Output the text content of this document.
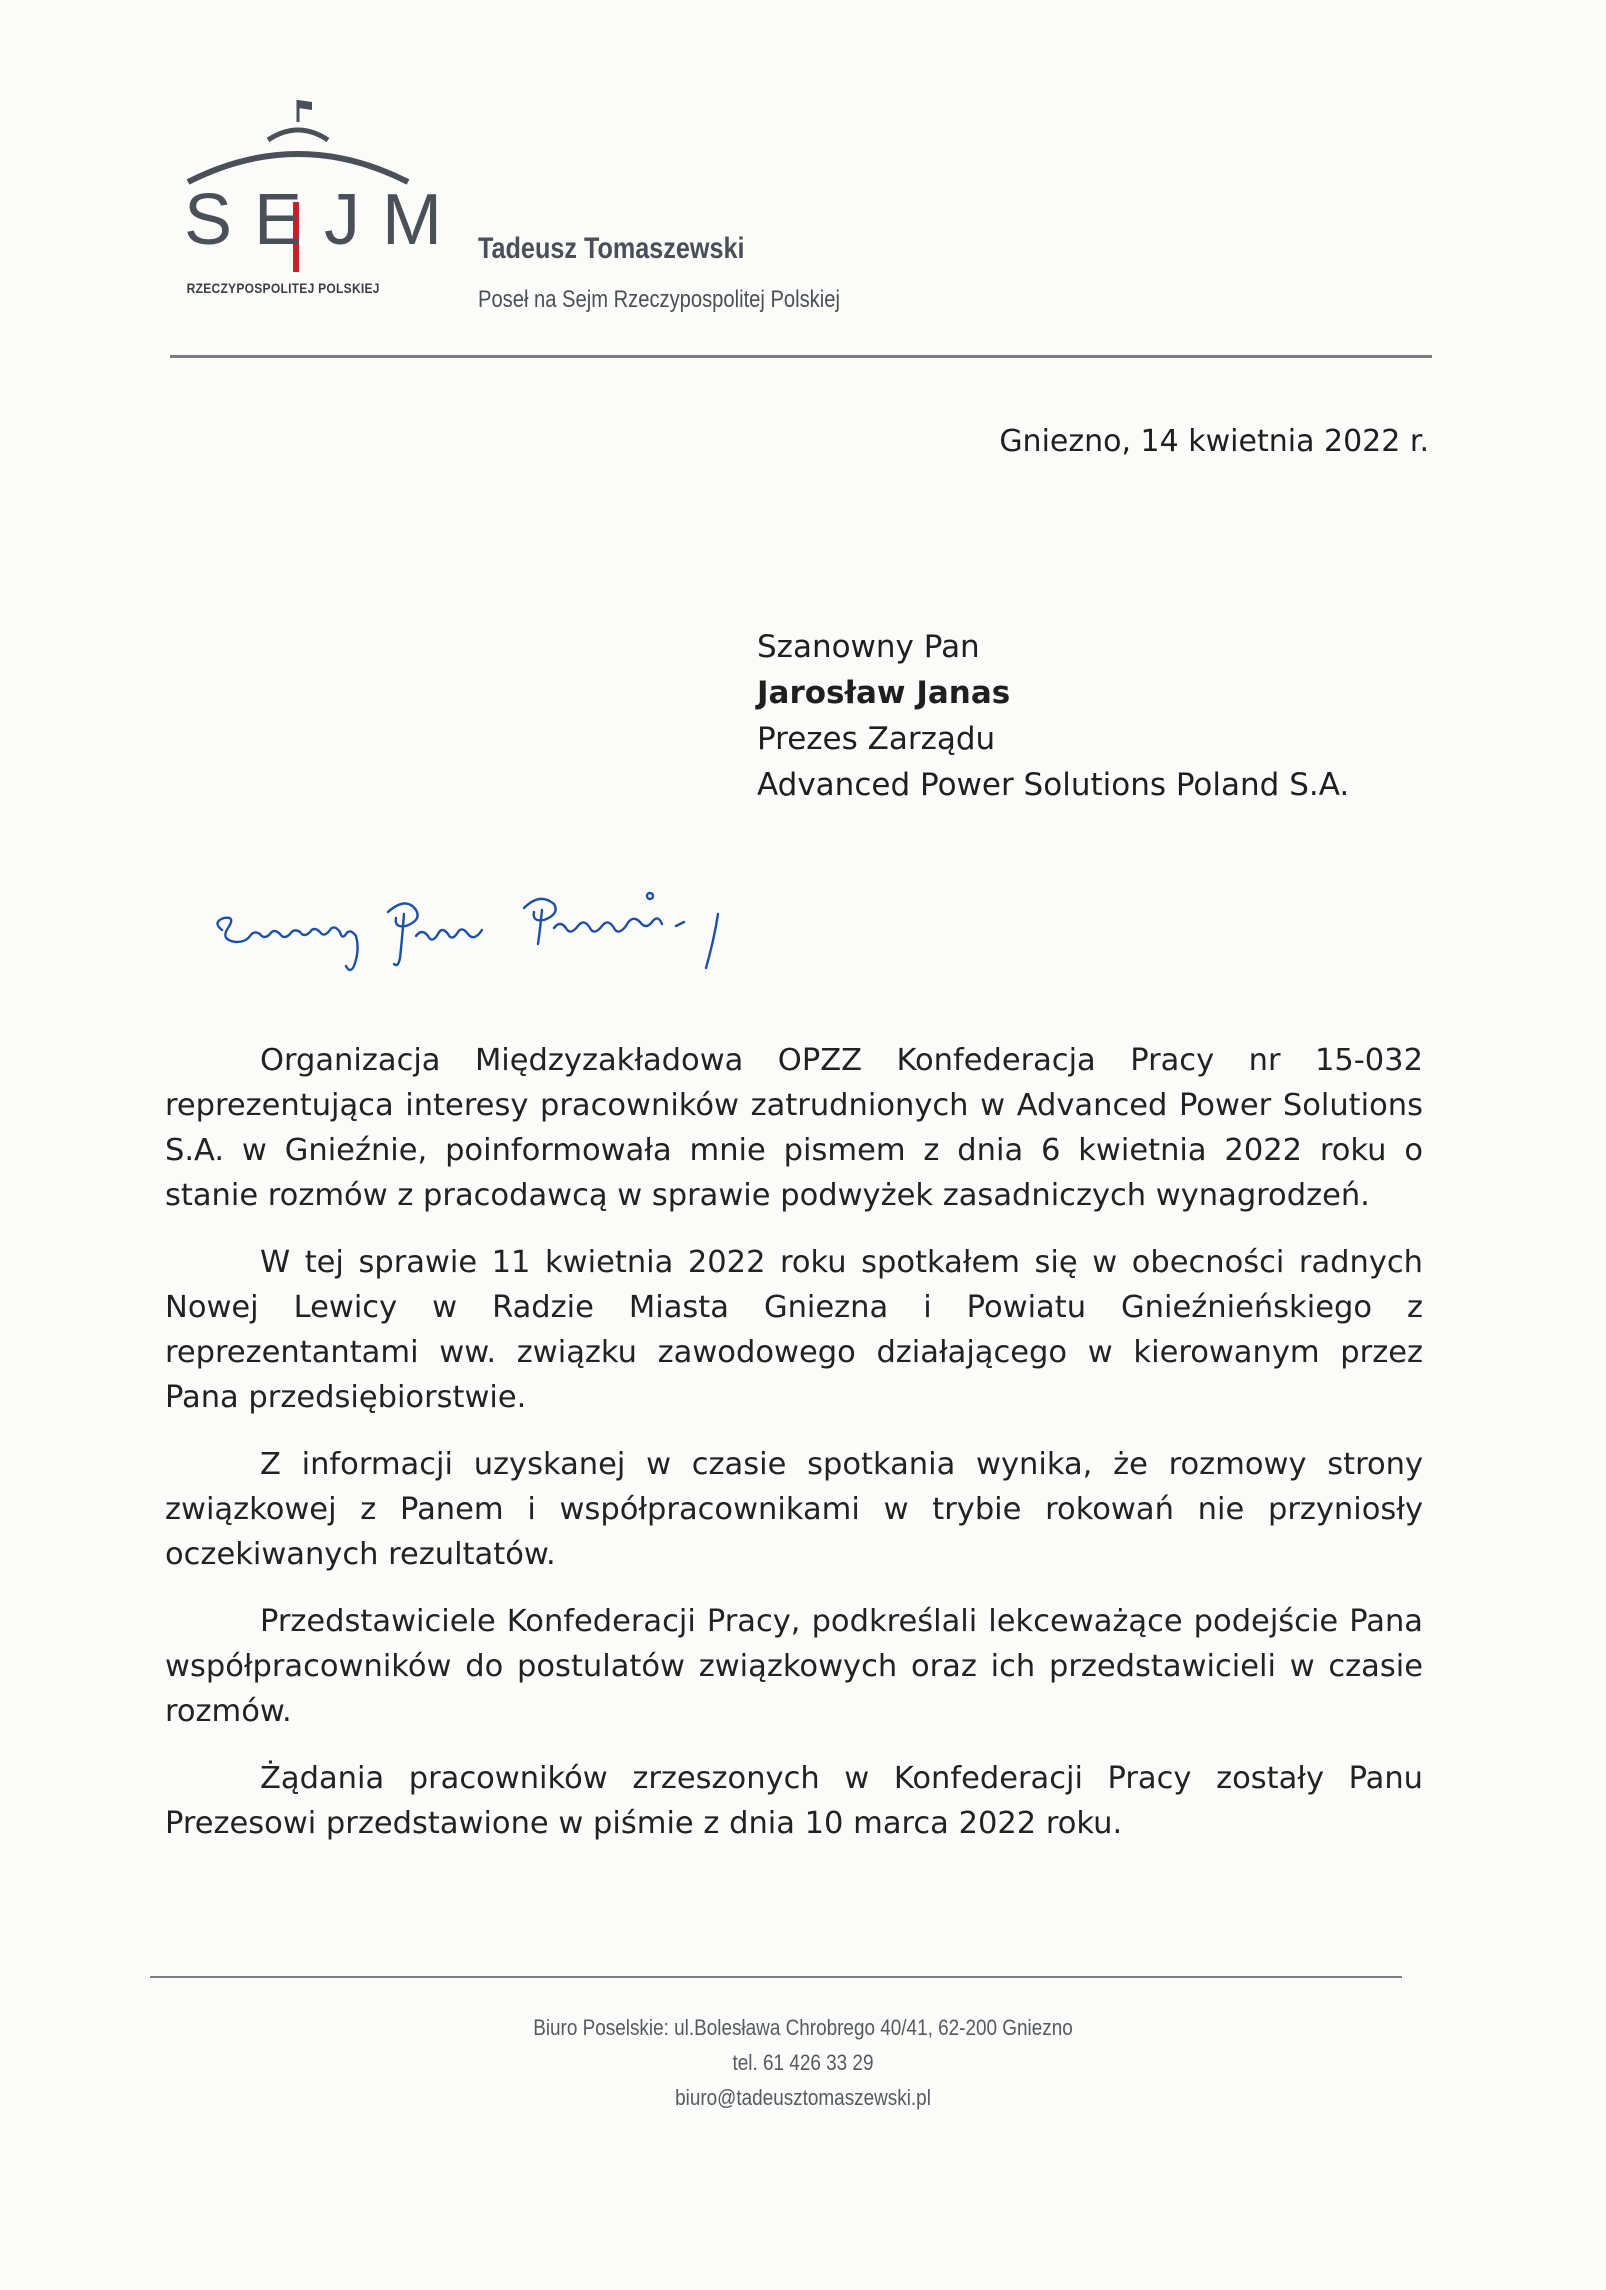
SEJM
RZECZYPOSPOLITEJ POLSKIEJ
Tadeusz Tomaszewski
Poseł na Sejm Rzeczypospolitej Polskiej
Gniezno, 14 kwietnia 2022 r.
Szanowny Pan
Jarosław Janas
Prezes Zarządu
Advanced Power Solutions Poland S.A.

Organizacja Międzyzakładowa OPZZ Konfederacja Pracy nr 15-032 reprezentująca interesy pracowników zatrudnionych w Advanced Power Solutions S.A. w Gnieźnie, poinformowała mnie pismem z dnia 6 kwietnia 2022 roku o stanie rozmów z pracodawcą w sprawie podwyżek zasadniczych wynagrodzeń.

W tej sprawie 11 kwietnia 2022 roku spotkałem się w obecności radnych Nowej Lewicy w Radzie Miasta Gniezna i Powiatu Gnieźnieńskiego z reprezentantami ww. związku zawodowego działającego w kierowanym przez Pana przedsiębiorstwie.

Z informacji uzyskanej w czasie spotkania wynika, że rozmowy strony związkowej z Panem i współpracownikami w trybie rokowań nie przyniosły oczekiwanych rezultatów.

Przedstawiciele Konfederacji Pracy, podkreślali lekceważące podejście Pana współpracowników do postulatów związkowych oraz ich przedstawicieli w czasie rozmów.

Żądania pracowników zrzeszonych w Konfederacji Pracy zostały Panu Prezesowi przedstawione w piśmie z dnia 10 marca 2022 roku.

Biuro Poselskie: ul.Bolesława Chrobrego 40/41, 62-200 Gniezno
tel. 61 426 33 29
biuro@tadeusztomaszewski.pl
